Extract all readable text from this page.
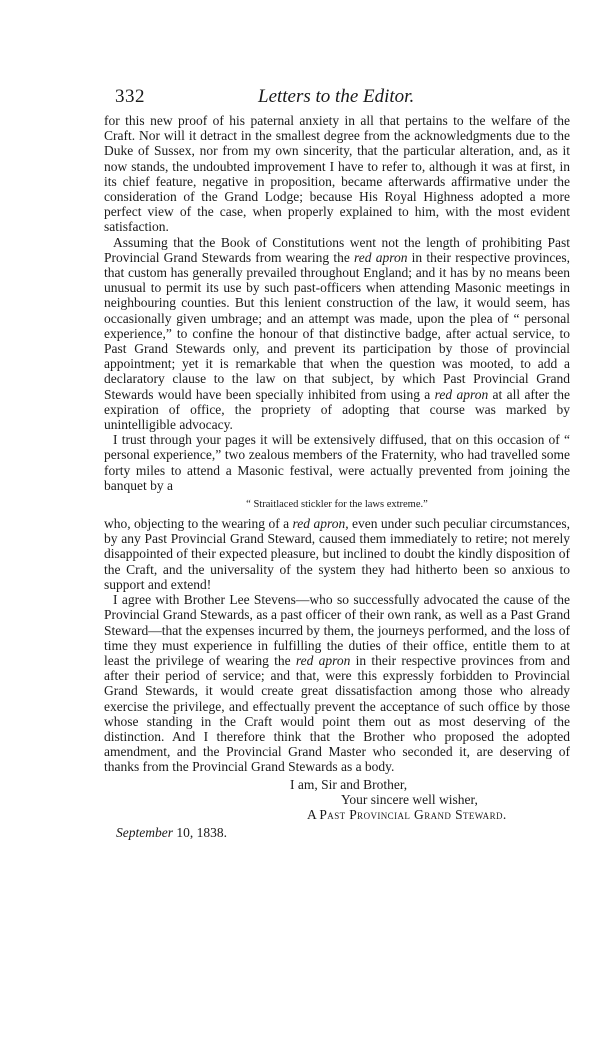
332	Letters to the Editor.

for this new proof of his paternal anxiety in all that pertains to the welfare of the Craft. Nor will it detract in the smallest degree from the acknowledgments due to the Duke of Sussex, nor from my own sincerity, that the particular alteration, and, as it now stands, the undoubted improvement I have to refer to, although it was at first, in its chief feature, negative in proposition, became afterwards affirmative under the consideration of the Grand Lodge; because His Royal Highness adopted a more perfect view of the case, when properly explained to him, with the most evident satisfaction.

Assuming that the Book of Constitutions went not the length of prohibiting Past Provincial Grand Stewards from wearing the red apron in their respective provinces, that custom has generally prevailed throughout England; and it has by no means been unusual to permit its use by such past-officers when attending Masonic meetings in neighbouring counties. But this lenient construction of the law, it would seem, has occasionally given umbrage; and an attempt was made, upon the plea of “ personal experience,” to confine the honour of that distinctive badge, after actual service, to Past Grand Stewards only, and prevent its participation by those of provincial appointment; yet it is remarkable that when the question was mooted, to add a declaratory clause to the law on that subject, by which Past Provincial Grand Stewards would have been specially inhibited from using a red apron at all after the expiration of office, the propriety of adopting that course was marked by unintelligible advocacy.

I trust through your pages it will be extensively diffused, that on this occasion of “ personal experience,” two zealous members of the Fraternity, who had travelled some forty miles to attend a Masonic festival, were actually prevented from joining the banquet by a

“ Straitlaced stickler for the laws extreme.”

who, objecting to the wearing of a red apron, even under such peculiar circumstances, by any Past Provincial Grand Steward, caused them immediately to retire; not merely disappointed of their expected pleasure, but inclined to doubt the kindly disposition of the Craft, and the universality of the system they had hitherto been so anxious to support and extend!

I agree with Brother Lee Stevens—who so successfully advocated the cause of the Provincial Grand Stewards, as a past officer of their own rank, as well as a Past Grand Steward—that the expenses incurred by them, the journeys performed, and the loss of time they must experience in fulfilling the duties of their office, entitle them to at least the privilege of wearing the red apron in their respective provinces from and after their period of service; and that, were this expressly forbidden to Provincial Grand Stewards, it would create great dissatisfaction among those who already exercise the privilege, and effectually prevent the acceptance of such office by those whose standing in the Craft would point them out as most deserving of the distinction. And I therefore think that the Brother who proposed the adopted amendment, and the Provincial Grand Master who seconded it, are deserving of thanks from the Provincial Grand Stewards as a body.

I am, Sir and Brother,
Your sincere well wisher,
A Past Provincial Grand Steward.
September 10, 1838.
